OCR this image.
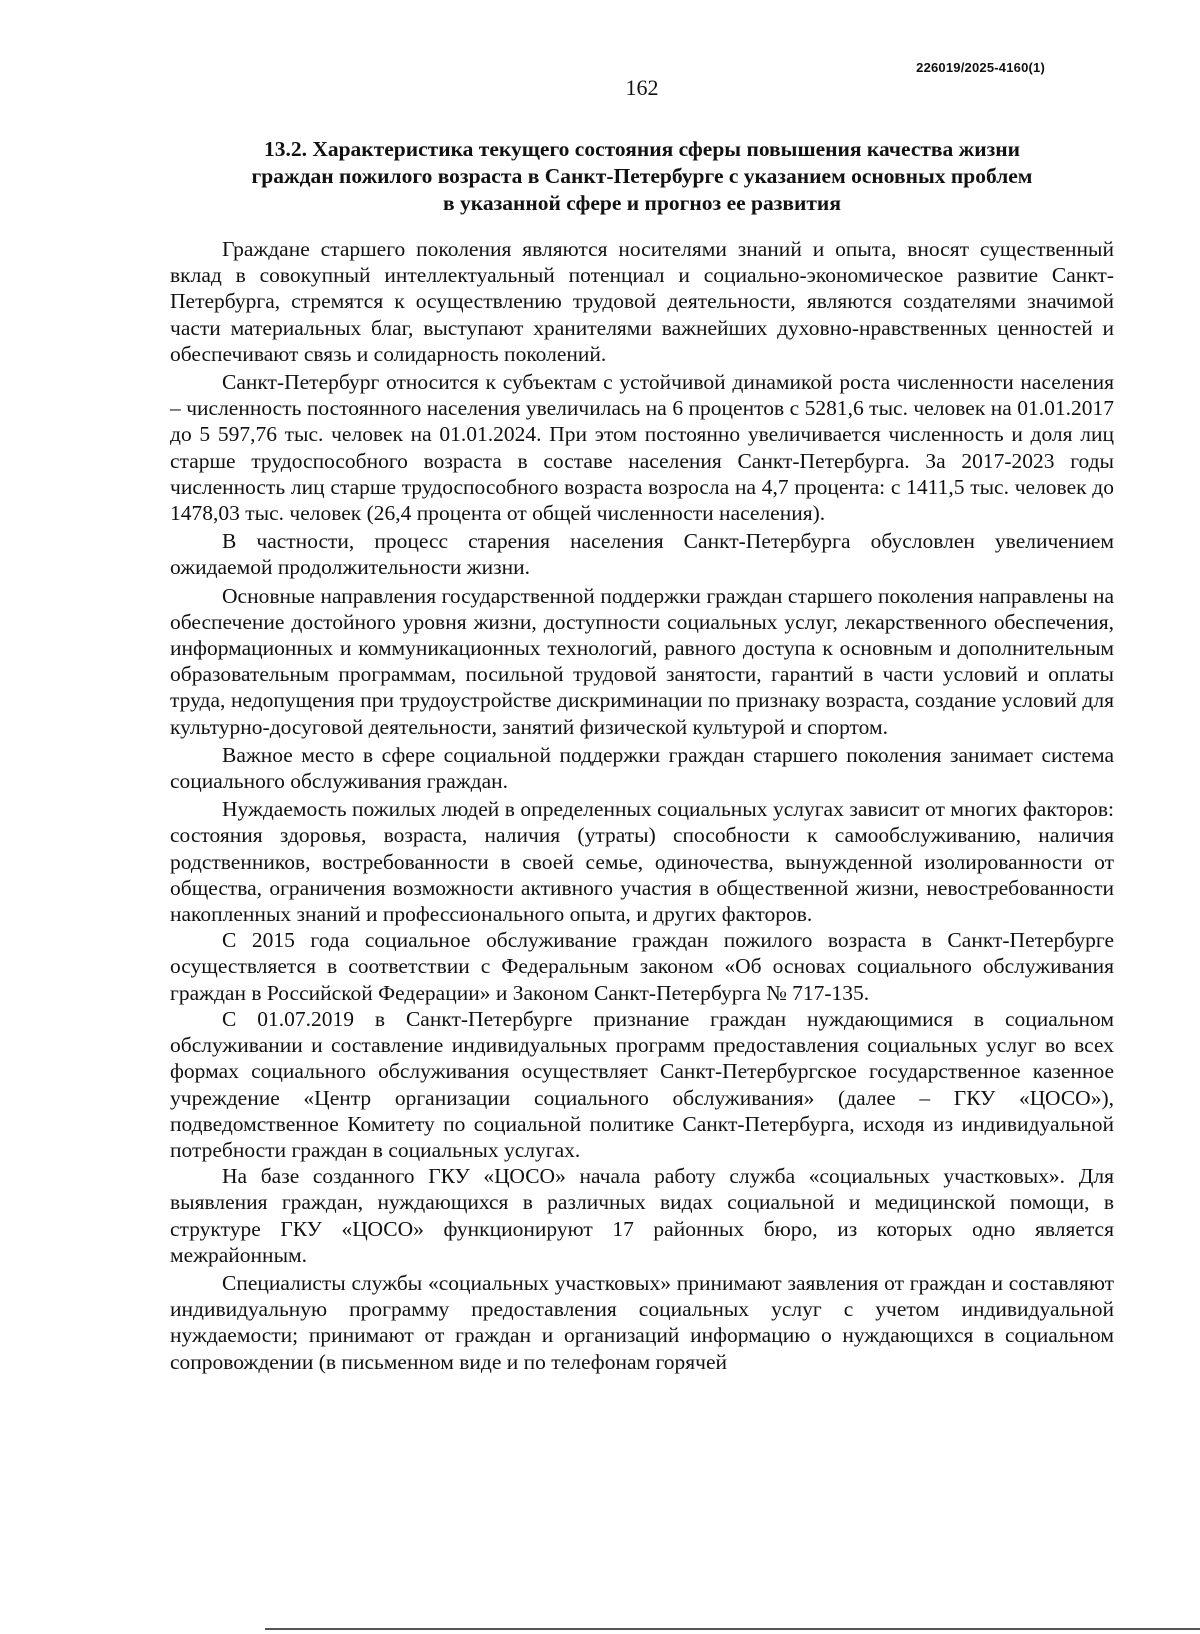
226019/2025-4160(1)
162
13.2. Характеристика текущего состояния сферы повышения качества жизни
граждан пожилого возраста в Санкт-Петербурге с указанием основных проблем
в указанной сфере и прогноз ее развития

Граждане старшего поколения являются носителями знаний и опыта, вносят существенный вклад в совокупный интеллектуальный потенциал и социально-экономическое развитие Санкт-Петербурга, стремятся к осуществлению трудовой деятельности, являются создателями значимой части материальных благ, выступают хранителями важнейших духовно-нравственных ценностей и обеспечивают связь и солидарность поколений.

Санкт-Петербург относится к субъектам с устойчивой динамикой роста численности населения – численность постоянного населения увеличилась на 6 процентов с 5281,6 тыс. человек на 01.01.2017 до 5 597,76 тыс. человек на 01.01.2024. При этом постоянно увеличивается численность и доля лиц старше трудоспособного возраста в составе населения Санкт-Петербурга. За 2017-2023 годы численность лиц старше трудоспособного возраста возросла на 4,7 процента: с 1411,5 тыс. человек до 1478,03 тыс. человек (26,4 процента от общей численности населения).

В частности, процесс старения населения Санкт-Петербурга обусловлен увеличением ожидаемой продолжительности жизни.

Основные направления государственной поддержки граждан старшего поколения направлены на обеспечение достойного уровня жизни, доступности социальных услуг, лекарственного обеспечения, информационных и коммуникационных технологий, равного доступа к основным и дополнительным образовательным программам, посильной трудовой занятости, гарантий в части условий и оплаты труда, недопущения при трудоустройстве дискриминации по признаку возраста, создание условий для культурно-досуговой деятельности, занятий физической культурой и спортом.

Важное место в сфере социальной поддержки граждан старшего поколения занимает система социального обслуживания граждан.

Нуждаемость пожилых людей в определенных социальных услугах зависит от многих факторов: состояния здоровья, возраста, наличия (утраты) способности к самообслуживанию, наличия родственников, востребованности в своей семье, одиночества, вынужденной изолированности от общества, ограничения возможности активного участия в общественной жизни, невостребованности накопленных знаний и профессионального опыта, и других факторов.

С 2015 года социальное обслуживание граждан пожилого возраста в Санкт-Петербурге осуществляется в соответствии с Федеральным законом «Об основах социального обслуживания граждан в Российской Федерации» и Законом Санкт-Петербурга № 717-135.

С 01.07.2019 в Санкт-Петербурге признание граждан нуждающимися в социальном обслуживании и составление индивидуальных программ предоставления социальных услуг во всех формах социального обслуживания осуществляет Санкт-Петербургское государственное казенное учреждение «Центр организации социального обслуживания» (далее – ГКУ «ЦОСО»), подведомственное Комитету по социальной политике Санкт-Петербурга, исходя из индивидуальной потребности граждан в социальных услугах.

На базе созданного ГКУ «ЦОСО» начала работу служба «социальных участковых». Для выявления граждан, нуждающихся в различных видах социальной и медицинской помощи, в структуре ГКУ «ЦОСО» функционируют 17 районных бюро, из которых одно является межрайонным.

Специалисты службы «социальных участковых» принимают заявления от граждан и составляют индивидуальную программу предоставления социальных услуг с учетом индивидуальной нуждаемости; принимают от граждан и организаций информацию о нуждающихся в социальном сопровождении (в письменном виде и по телефонам горячей
